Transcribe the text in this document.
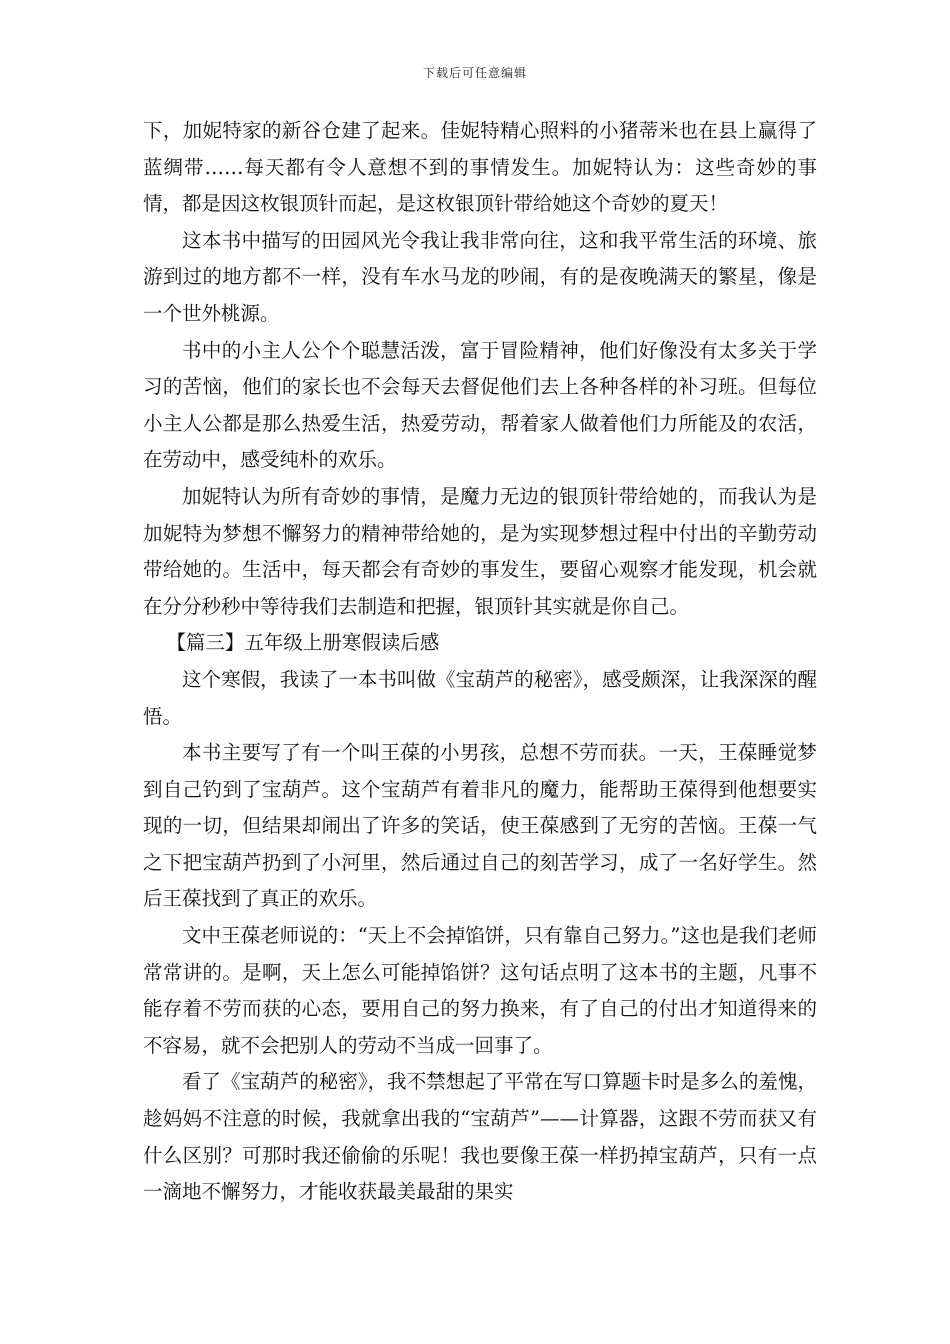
下载后可任意编辑

下，加妮特家的新谷仓建了起来。佳妮特精心照料的小猪蒂米也在县上赢得了蓝绸带……每天都有令人意想不到的事情发生。加妮特认为：这些奇妙的事情，都是因这枚银顶针而起，是这枚银顶针带给她这个奇妙的夏天！

这本书中描写的田园风光令我让我非常向往，这和我平常生活的环境、旅游到过的地方都不一样，没有车水马龙的吵闹，有的是夜晚满天的繁星，像是一个世外桃源。

书中的小主人公个个聪慧活泼，富于冒险精神，他们好像没有太多关于学习的苦恼，他们的家长也不会每天去督促他们去上各种各样的补习班。但每位小主人公都是那么热爱生活，热爱劳动，帮着家人做着他们力所能及的农活，在劳动中，感受纯朴的欢乐。

加妮特认为所有奇妙的事情，是魔力无边的银顶针带给她的，而我认为是加妮特为梦想不懈努力的精神带给她的，是为实现梦想过程中付出的辛勤劳动带给她的。生活中，每天都会有奇妙的事发生，要留心观察才能发现，机会就在分分秒秒中等待我们去制造和把握，银顶针其实就是你自己。

【篇三】五年级上册寒假读后感

这个寒假，我读了一本书叫做《宝葫芦的秘密》，感受颇深，让我深深的醒悟。

本书主要写了有一个叫王葆的小男孩，总想不劳而获。一天，王葆睡觉梦到自己钓到了宝葫芦。这个宝葫芦有着非凡的魔力，能帮助王葆得到他想要实现的一切，但结果却闹出了许多的笑话，使王葆感到了无穷的苦恼。王葆一气之下把宝葫芦扔到了小河里，然后通过自己的刻苦学习，成了一名好学生。然后王葆找到了真正的欢乐。

文中王葆老师说的：“天上不会掉馅饼，只有靠自己努力。”这也是我们老师常常讲的。是啊，天上怎么可能掉馅饼？这句话点明了这本书的主题，凡事不能存着不劳而获的心态，要用自己的努力换来，有了自己的付出才知道得来的不容易，就不会把别人的劳动不当成一回事了。

看了《宝葫芦的秘密》，我不禁想起了平常在写口算题卡时是多么的羞愧，趁妈妈不注意的时候，我就拿出我的“宝葫芦”——计算器，这跟不劳而获又有什么区别？可那时我还偷偷的乐呢！我也要像王葆一样扔掉宝葫芦，只有一点一滴地不懈努力，才能收获最美最甜的果实
